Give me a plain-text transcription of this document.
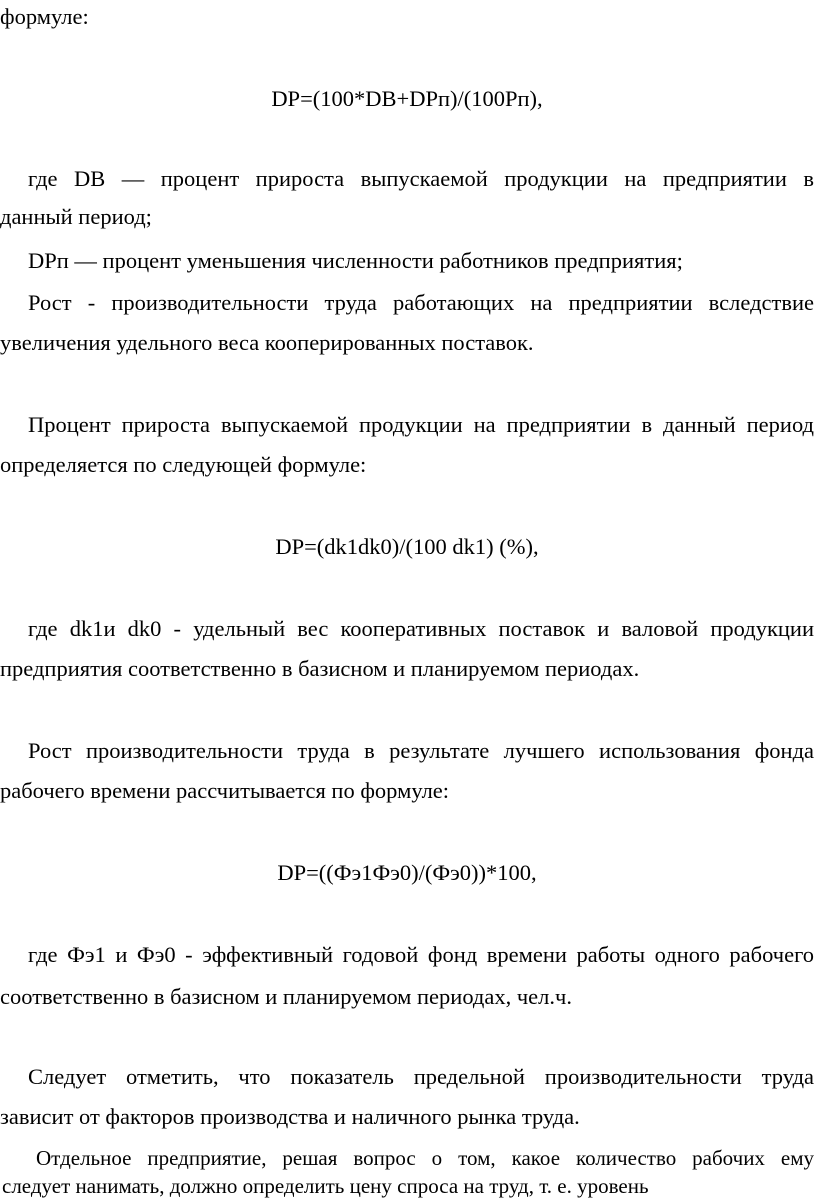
формуле:
DP=(100*DB+DPп)/(100Pп),
где DB — процент прироста выпускаемой продукции на предприятии в
данный период;
DPп — процент уменьшения численности работников предприятия;
Рост - производительности труда работающих на предприятии вследствие
увеличения удельного веса кооперированных поставок.
Процент прироста выпускаемой продукции на предприятии в данный период
определяется по следующей формуле:
DP=(dk1dk0)/(100 dk1) (%),
где dk1и dk0 - удельный вес кооперативных поставок и валовой продукции
предприятия соответственно в базисном и планируемом периодах.
Рост производительности труда в результате лучшего использования фонда
рабочего времени рассчитывается по формуле:
DP=((Фэ1Фэ0)/(Фэ0))*100,
где Фэ1 и Фэ0 - эффективный годовой фонд времени работы одного рабочего
соответственно в базисном и планируемом периодах, чел.ч.
Следует отметить, что показатель предельной производительности труда
зависит от факторов производства и наличного рынка труда.
Отдельное предприятие, решая вопрос о том, какое количество рабочих ему
следует нанимать, должно определить цену спроса на труд, т. е. уровень
